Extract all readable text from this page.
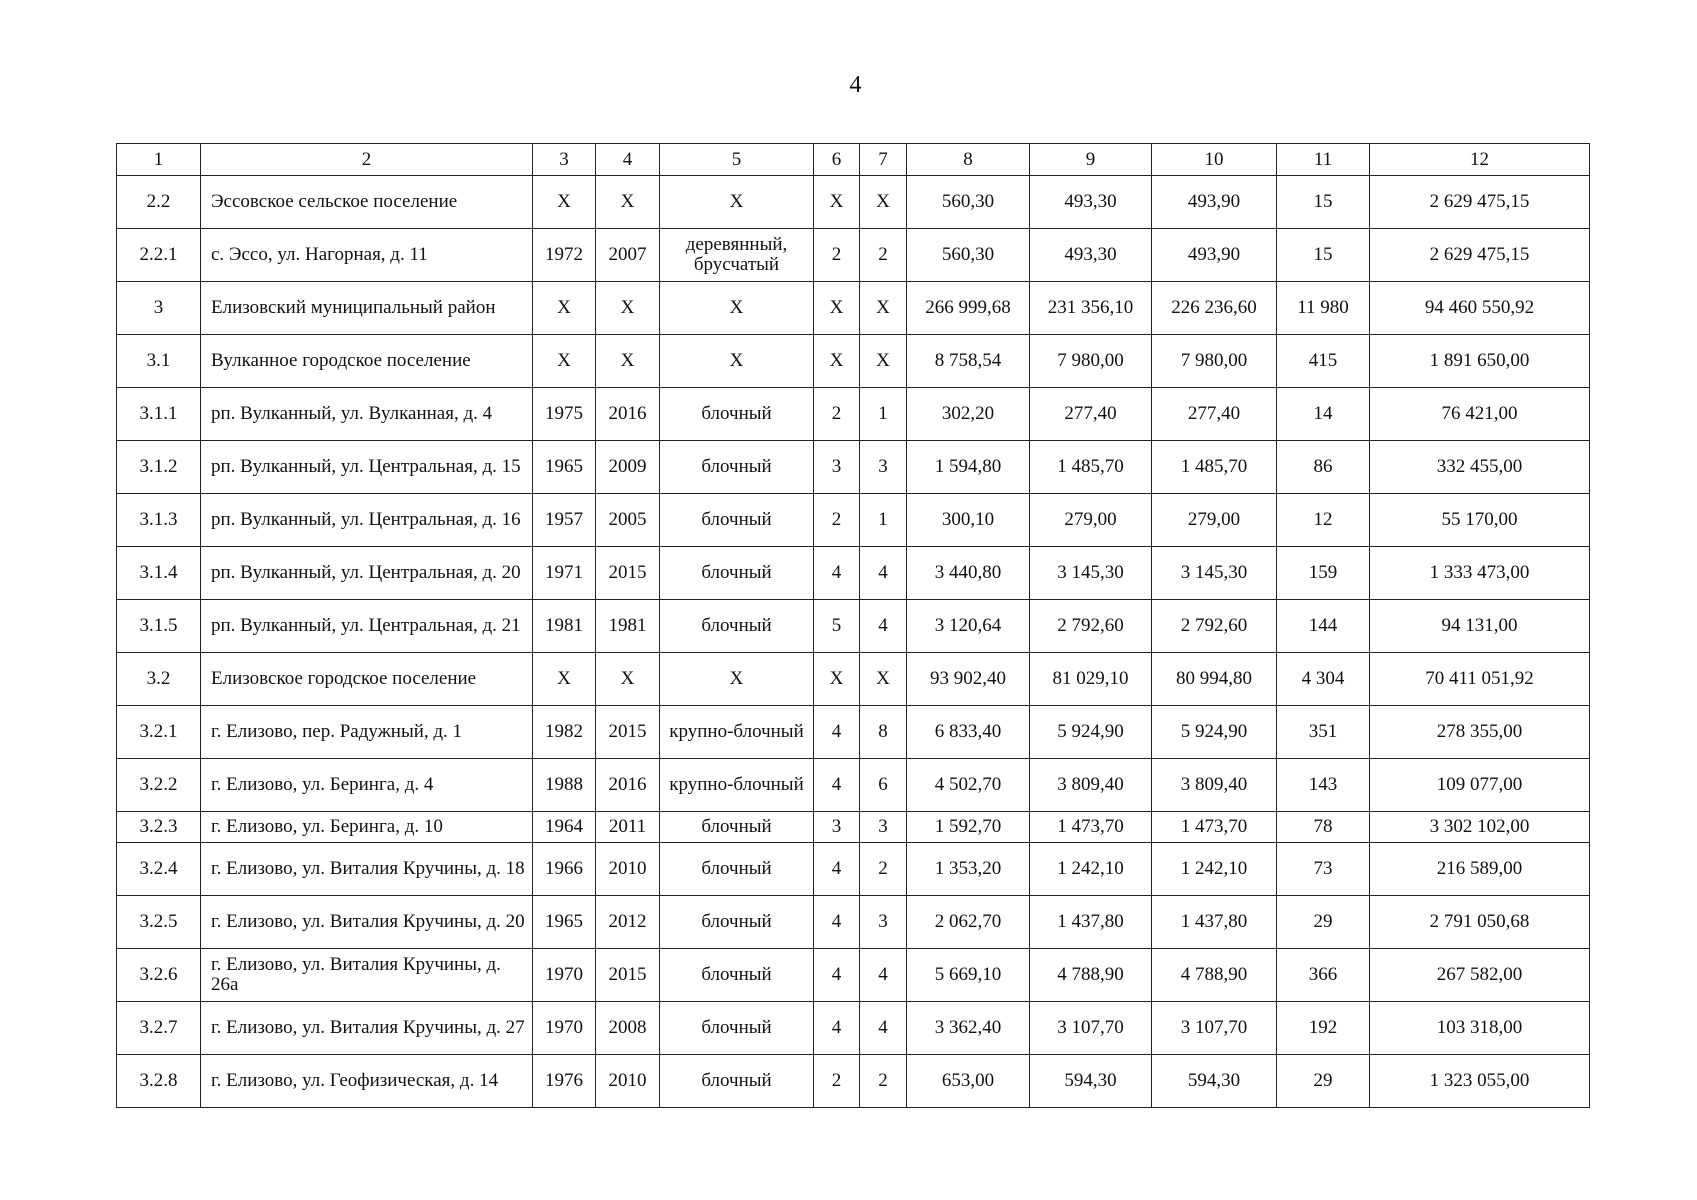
4
1	2	3	4	5	6	7	8	9	10	11	12
2.2	Эссовское сельское поселение	Х	Х	Х	Х	Х	560,30	493,30	493,90	15	2 629 475,15
2.2.1	с. Эссо, ул. Нагорная, д. 11	1972	2007	деревянный, брусчатый	2	2	560,30	493,30	493,90	15	2 629 475,15
3	Елизовский муниципальный район	Х	Х	Х	Х	Х	266 999,68	231 356,10	226 236,60	11 980	94 460 550,92
3.1	Вулканное городское поселение	Х	Х	Х	Х	Х	8 758,54	7 980,00	7 980,00	415	1 891 650,00
3.1.1	рп. Вулканный, ул. Вулканная, д. 4	1975	2016	блочный	2	1	302,20	277,40	277,40	14	76 421,00
3.1.2	рп. Вулканный, ул. Центральная, д. 15	1965	2009	блочный	3	3	1 594,80	1 485,70	1 485,70	86	332 455,00
3.1.3	рп. Вулканный, ул. Центральная, д. 16	1957	2005	блочный	2	1	300,10	279,00	279,00	12	55 170,00
3.1.4	рп. Вулканный, ул. Центральная, д. 20	1971	2015	блочный	4	4	3 440,80	3 145,30	3 145,30	159	1 333 473,00
3.1.5	рп. Вулканный, ул. Центральная, д. 21	1981	1981	блочный	5	4	3 120,64	2 792,60	2 792,60	144	94 131,00
3.2	Елизовское городское поселение	Х	Х	Х	Х	Х	93 902,40	81 029,10	80 994,80	4 304	70 411 051,92
3.2.1	г. Елизово, пер. Радужный, д. 1	1982	2015	крупно-блочный	4	8	6 833,40	5 924,90	5 924,90	351	278 355,00
3.2.2	г. Елизово, ул. Беринга, д. 4	1988	2016	крупно-блочный	4	6	4 502,70	3 809,40	3 809,40	143	109 077,00
3.2.3	г. Елизово, ул. Беринга, д. 10	1964	2011	блочный	3	3	1 592,70	1 473,70	1 473,70	78	3 302 102,00
3.2.4	г. Елизово, ул. Виталия Кручины, д. 18	1966	2010	блочный	4	2	1 353,20	1 242,10	1 242,10	73	216 589,00
3.2.5	г. Елизово, ул. Виталия Кручины, д. 20	1965	2012	блочный	4	3	2 062,70	1 437,80	1 437,80	29	2 791 050,68
3.2.6	г. Елизово, ул. Виталия Кручины, д. 26а	1970	2015	блочный	4	4	5 669,10	4 788,90	4 788,90	366	267 582,00
3.2.7	г. Елизово, ул. Виталия Кручины, д. 27	1970	2008	блочный	4	4	3 362,40	3 107,70	3 107,70	192	103 318,00
3.2.8	г. Елизово, ул. Геофизическая, д. 14	1976	2010	блочный	2	2	653,00	594,30	594,30	29	1 323 055,00
